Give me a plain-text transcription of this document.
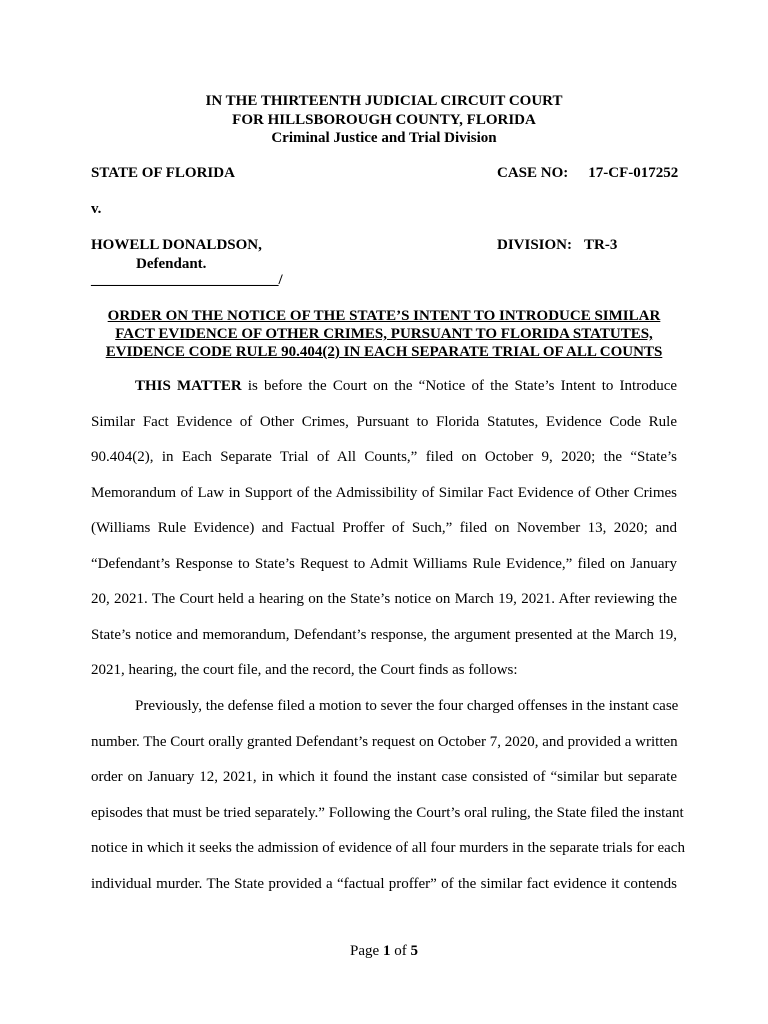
IN THE THIRTEENTH JUDICIAL CIRCUIT COURT
FOR HILLSBOROUGH COUNTY, FLORIDA
Criminal Justice and Trial Division
STATE OF FLORIDA	CASE NO: 17-CF-017252
v.
HOWELL DONALDSON,	DIVISION: TR-3
Defendant.
_________________________/
ORDER ON THE NOTICE OF THE STATE’S INTENT TO INTRODUCE SIMILAR
FACT EVIDENCE OF OTHER CRIMES, PURSUANT TO FLORIDA STATUTES,
EVIDENCE CODE RULE 90.404(2) IN EACH SEPARATE TRIAL OF ALL COUNTS
THIS MATTER is before the Court on the “Notice of the State’s Intent to Introduce
Similar Fact Evidence of Other Crimes, Pursuant to Florida Statutes, Evidence Code Rule
90.404(2), in Each Separate Trial of All Counts,” filed on October 9, 2020; the “State’s
Memorandum of Law in Support of the Admissibility of Similar Fact Evidence of Other Crimes
(Williams Rule Evidence) and Factual Proffer of Such,” filed on November 13, 2020; and
“Defendant’s Response to State’s Request to Admit Williams Rule Evidence,” filed on January
20, 2021. The Court held a hearing on the State’s notice on March 19, 2021. After reviewing the
State’s notice and memorandum, Defendant’s response, the argument presented at the March 19,
2021, hearing, the court file, and the record, the Court finds as follows:
Previously, the defense filed a motion to sever the four charged offenses in the instant case
number. The Court orally granted Defendant’s request on October 7, 2020, and provided a written
order on January 12, 2021, in which it found the instant case consisted of “similar but separate
episodes that must be tried separately.” Following the Court’s oral ruling, the State filed the instant
notice in which it seeks the admission of evidence of all four murders in the separate trials for each
individual murder. The State provided a “factual proffer” of the similar fact evidence it contends
Page 1 of 5
